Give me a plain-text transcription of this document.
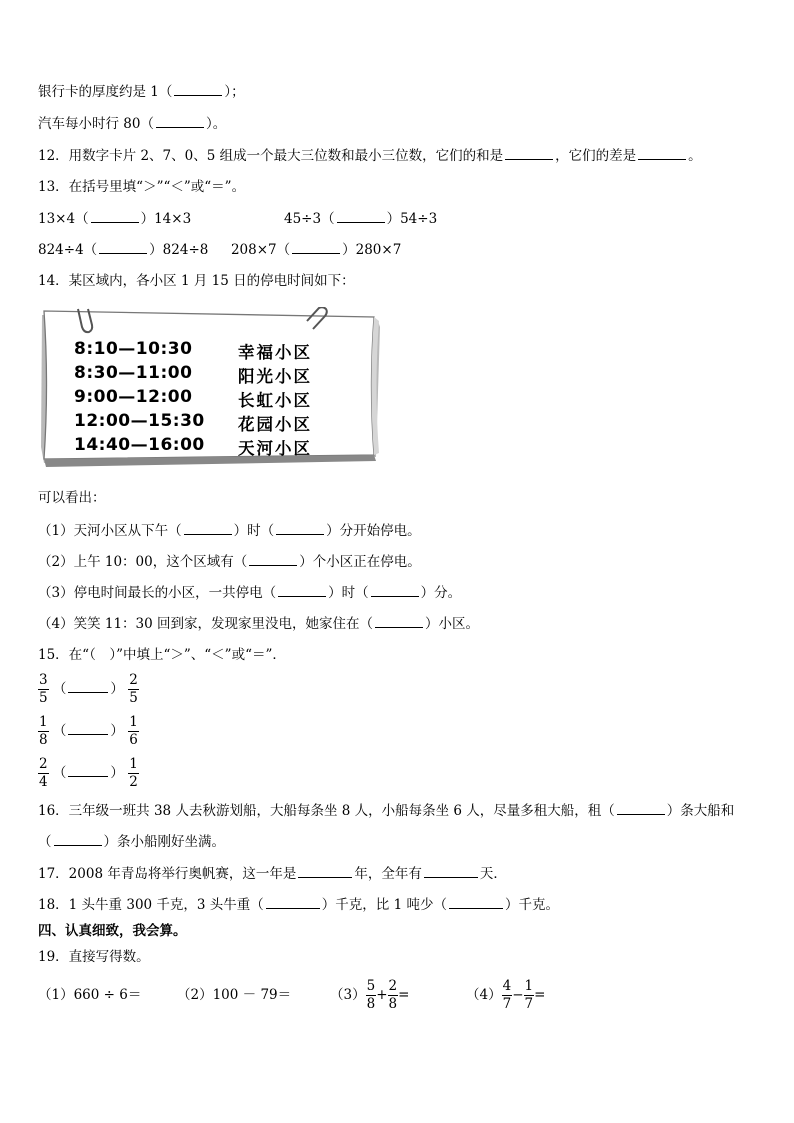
银行卡的厚度约是 1（	）；
汽车每小时行 80（	）。
12．用数字卡片 2、7、0、5 组成一个最大三位数和最小三位数，它们的和是	，它们的差是	。
13．在括号里填“＞”“＜”或“＝”。
13×4（	）14×3	45÷3（	）54÷3
824÷4（	）824÷8 208×7（	）280×7
14．某区域内，各小区 1 月 15 日的停电时间如下：
8:10—10:30	幸福小区
8:30—11:00	阳光小区
9:00—12:00	长虹小区
12:00—15:30 花园小区
14:40—16:00 天河小区
可以看出：
（1）天河小区从下午（	）时（	）分开始停电。
（2）上午 10：00，这个区域有（	）个小区正在停电。
（3）停电时间最长的小区，一共停电（	）时（	）分。
（4）笑笑 11：30 回到家，发现家里没电，她家住在（	）小区。
15．在“（　）”中填上“＞”、“＜”或“＝”．
$\frac{3}{5}$ （	） $\frac{2}{5}$
$\frac{1}{8}$ （	） $\frac{1}{6}$
$\frac{2}{4}$ （	） $\frac{1}{2}$
16．三年级一班共 38 人去秋游划船，大船每条坐 8 人，小船每条坐 6 人，尽量多租大船，租（	）条大船和
（	）条小船刚好坐满。
17．2008 年青岛将举行奥帆赛，这一年是	年，全年有	天．
18．1 头牛重 300 千克，3 头牛重（	）千克，比 1 吨少（	）千克。
四、认真细致，我会算。
19．直接写得数。
（1）660 ÷ 6＝	（2）100 － 79＝	$(3) \frac{5}{8} + \frac{2}{8}$ =	$(4) \frac{4}{7} - \frac{1}{7}$ =
